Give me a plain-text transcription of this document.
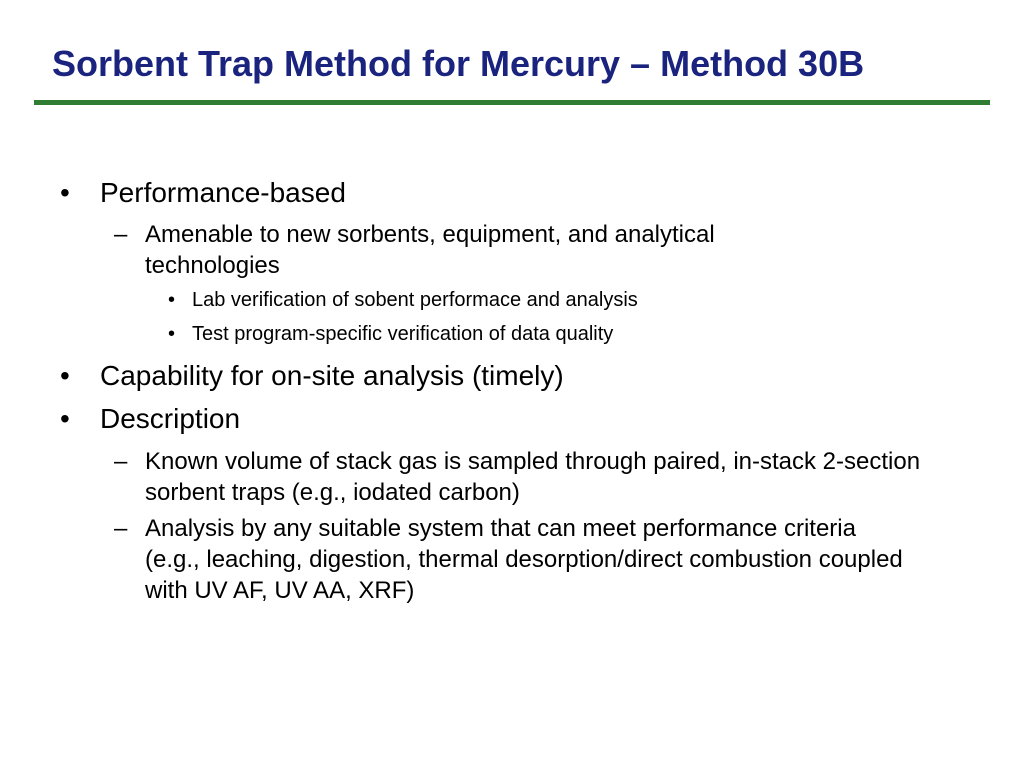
Sorbent Trap Method for Mercury – Method 30B
• Performance-based
– Amenable to new sorbents, equipment, and analytical technologies
• Lab verification of sobent performace and analysis
• Test program-specific verification of data quality
• Capability for on-site analysis (timely)
• Description
– Known volume of stack gas is sampled through paired, in-stack 2-section sorbent traps (e.g., iodated carbon)
– Analysis by any suitable system that can meet performance criteria (e.g., leaching, digestion, thermal desorption/direct combustion coupled with UV AF, UV AA, XRF)
